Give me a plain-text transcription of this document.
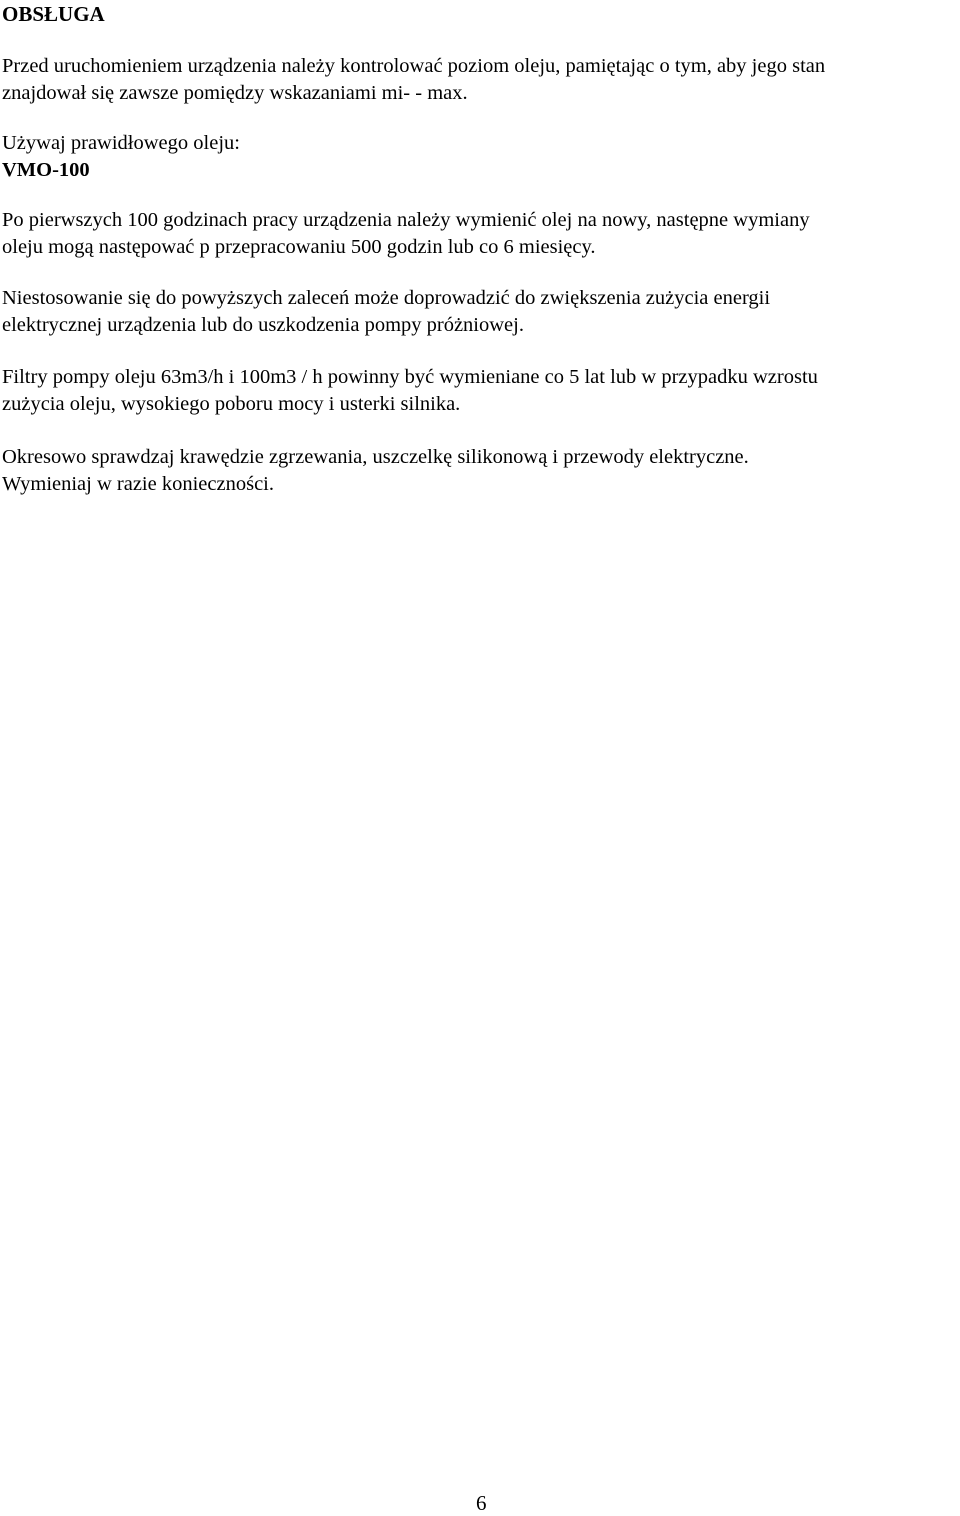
OBSŁUGA

Przed uruchomieniem urządzenia należy kontrolować poziom oleju, pamiętając o tym, aby jego stan
znajdował się zawsze pomiędzy wskazaniami mi- - max.

Używaj prawidłowego oleju:
VMO-100

Po pierwszych 100 godzinach pracy urządzenia należy wymienić olej na nowy, następne wymiany
oleju mogą następować p przepracowaniu 500 godzin lub co 6 miesięcy.

Niestosowanie się do powyższych zaleceń może doprowadzić do zwiększenia zużycia energii
elektrycznej urządzenia lub do uszkodzenia pompy próżniowej.

Filtry pompy oleju 63m3/h i 100m3 / h powinny być wymieniane co 5 lat lub w przypadku wzrostu
zużycia oleju, wysokiego poboru mocy i usterki silnika.

Okresowo sprawdzaj krawędzie zgrzewania, uszczelkę silikonową i przewody elektryczne.
Wymieniaj w razie konieczności.

6
